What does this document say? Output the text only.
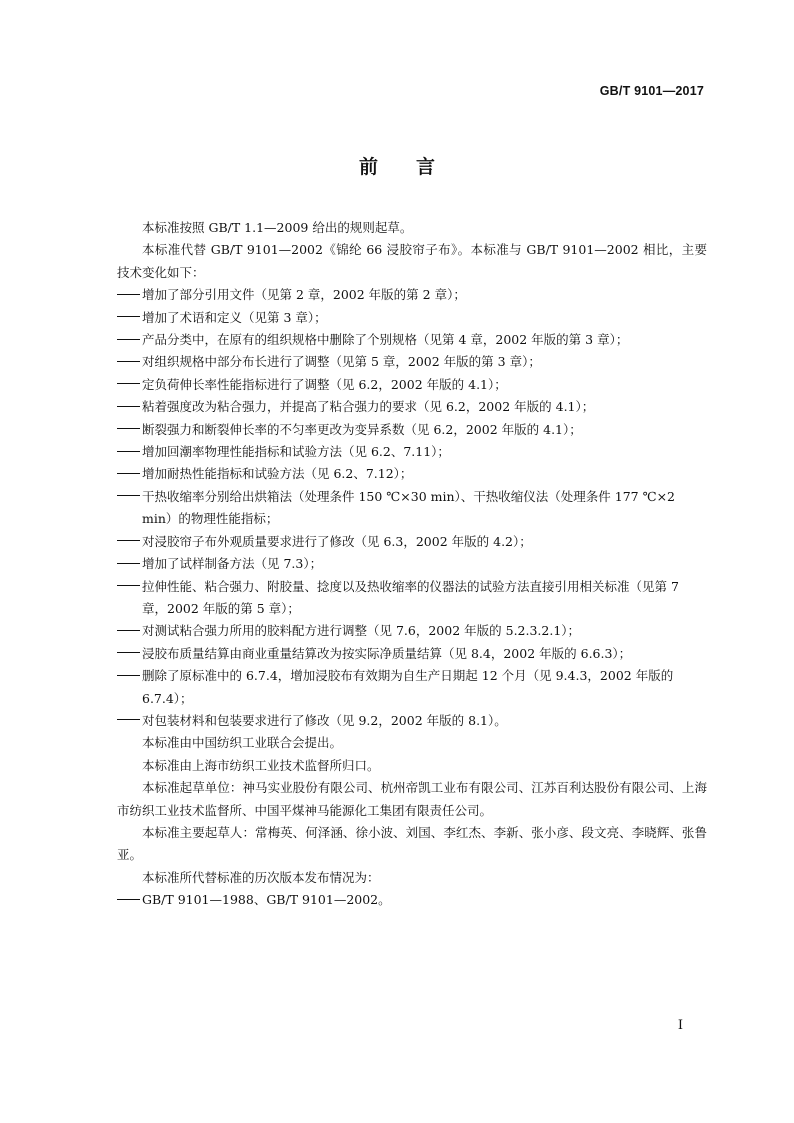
GB/T 9101—2017
前　　言

本标准按照 GB/T 1.1—2009 给出的规则起草。

本标准代替 GB/T 9101—2002《锦纶 66 浸胶帘子布》。本标准与 GB/T 9101—2002 相比，主要技术变化如下：

增加了部分引用文件（见第 2 章，2002 年版的第 2 章）；

增加了术语和定义（见第 3 章）；

产品分类中，在原有的组织规格中删除了个别规格（见第 4 章，2002 年版的第 3 章）；

对组织规格中部分布长进行了调整（见第 5 章，2002 年版的第 3 章）；

定负荷伸长率性能指标进行了调整（见 6.2，2002 年版的 4.1）；

粘着强度改为粘合强力，并提高了粘合强力的要求（见 6.2，2002 年版的 4.1）；

断裂强力和断裂伸长率的不匀率更改为变异系数（见 6.2，2002 年版的 4.1）；

增加回潮率物理性能指标和试验方法（见 6.2、7.11）；

增加耐热性能指标和试验方法（见 6.2、7.12）；

干热收缩率分别给出烘箱法（处理条件 150 ℃×30 min）、干热收缩仪法（处理条件 177 ℃×2 min）的物理性能指标；

对浸胶帘子布外观质量要求进行了修改（见 6.3，2002 年版的 4.2）；

增加了试样制备方法（见 7.3）；

拉伸性能、粘合强力、附胶量、捻度以及热收缩率的仪器法的试验方法直接引用相关标准（见第 7 章，2002 年版的第 5 章）；

对测试粘合强力所用的胶料配方进行调整（见 7.6，2002 年版的 5.2.3.2.1）；

浸胶布质量结算由商业重量结算改为按实际净质量结算（见 8.4，2002 年版的 6.6.3）；

删除了原标准中的 6.7.4，增加浸胶布有效期为自生产日期起 12 个月（见 9.4.3，2002 年版的 6.7.4）；

对包装材料和包装要求进行了修改（见 9.2，2002 年版的 8.1）。

本标准由中国纺织工业联合会提出。

本标准由上海市纺织工业技术监督所归口。

本标准起草单位：神马实业股份有限公司、杭州帝凯工业布有限公司、江苏百利达股份有限公司、上海市纺织工业技术监督所、中国平煤神马能源化工集团有限责任公司。

本标准主要起草人：常梅英、何泽涵、徐小波、刘国、李红杰、李新、张小彦、段文亮、李晓辉、张鲁亚。

本标准所代替标准的历次版本发布情况为：

GB/T 9101—1988、GB/T 9101—2002。

I
